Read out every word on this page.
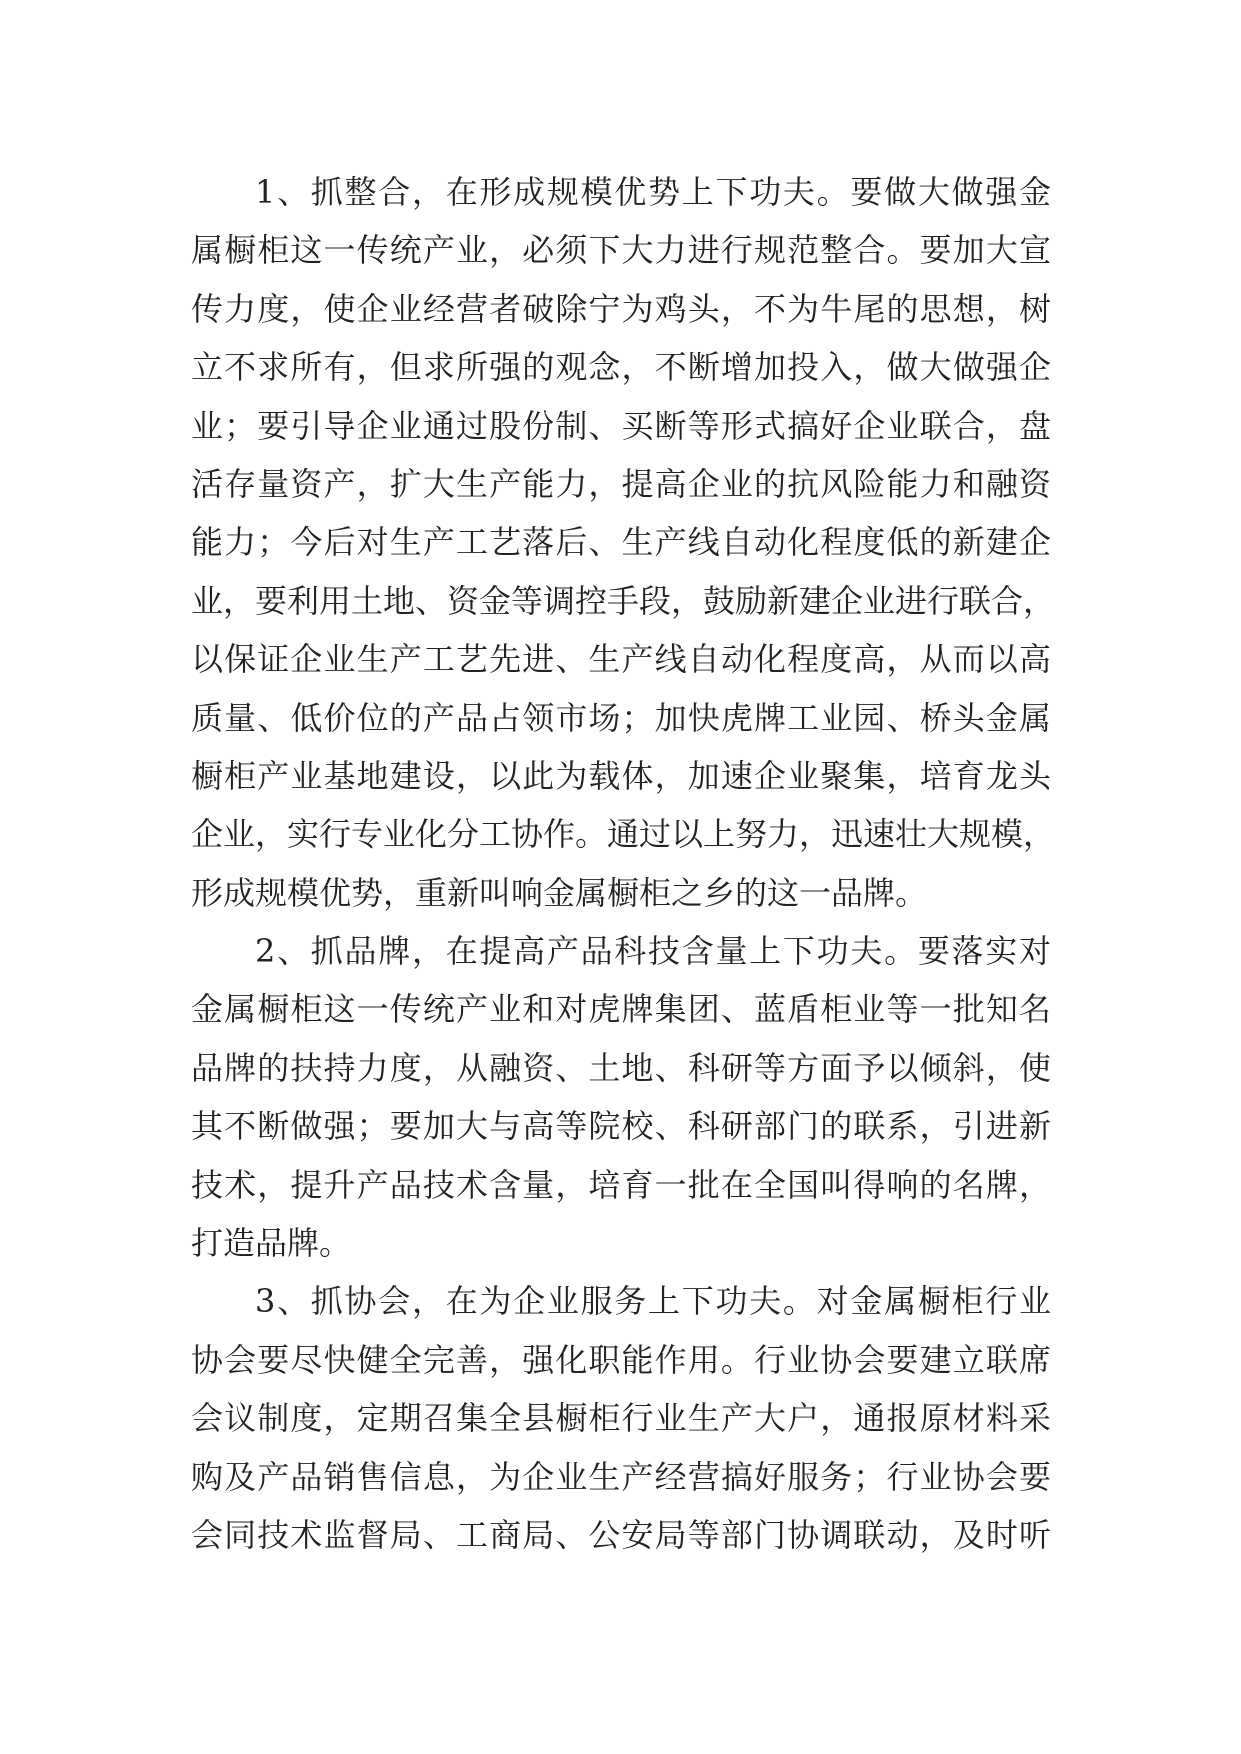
1、抓整合，在形成规模优势上下功夫。要做大做强金
属橱柜这一传统产业，必须下大力进行规范整合。要加大宣
传力度，使企业经营者破除宁为鸡头，不为牛尾的思想，树
立不求所有，但求所强的观念，不断增加投入，做大做强企
业；要引导企业通过股份制、买断等形式搞好企业联合，盘
活存量资产，扩大生产能力，提高企业的抗风险能力和融资
能力；今后对生产工艺落后、生产线自动化程度低的新建企
业，要利用土地、资金等调控手段，鼓励新建企业进行联合，
以保证企业生产工艺先进、生产线自动化程度高，从而以高
质量、低价位的产品占领市场；加快虎牌工业园、桥头金属
橱柜产业基地建设，以此为载体，加速企业聚集，培育龙头
企业，实行专业化分工协作。通过以上努力，迅速壮大规模，
形成规模优势，重新叫响金属橱柜之乡的这一品牌。
2、抓品牌，在提高产品科技含量上下功夫。要落实对
金属橱柜这一传统产业和对虎牌集团、蓝盾柜业等一批知名
品牌的扶持力度，从融资、土地、科研等方面予以倾斜，使
其不断做强；要加大与高等院校、科研部门的联系，引进新
技术，提升产品技术含量，培育一批在全国叫得响的名牌，
打造品牌。
3、抓协会，在为企业服务上下功夫。对金属橱柜行业
协会要尽快健全完善，强化职能作用。行业协会要建立联席
会议制度，定期召集全县橱柜行业生产大户，通报原材料采
购及产品销售信息，为企业生产经营搞好服务；行业协会要
会同技术监督局、工商局、公安局等部门协调联动，及时听
